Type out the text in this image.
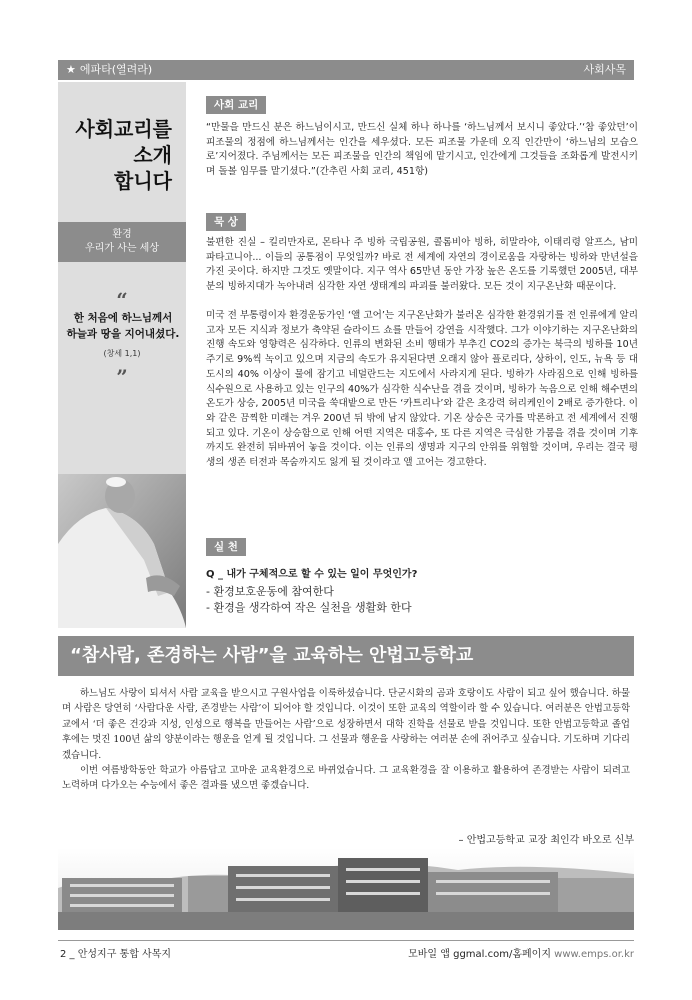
★ 에파타(열려라)	사회사목
사회교리를
소개
합니다
환경
우리가 사는 세상
“
한 처음에 하느님께서
하늘과 땅을 지어내셨다.
(창세 1,1)
”
사회 교리

“만물을 만드신 분은 하느님이시고, 만드신 실체 하나 하나를 ‘하느님께서 보시니 좋았다.’‘참 좋았던’이 피조물의 정점에 하느님께서는 인간을 세우셨다. 모든 피조물 가운데 오직 인간만이 ‘하느님의 모습으로’지어졌다. 주님께서는 모든 피조물을 인간의 책임에 맡기시고, 인간에게 그것들을 조화롭게 발전시키며 돌볼 임무를 맡기셨다.”(간추린 사회 교리, 451항)

묵 상

불편한 진실 – 킬리만자로, 몬타나 주 빙하 국립공원, 콜롬비아 빙하, 히말라야, 이태리령 알프스, 남미 파타고니아... 이들의 공통점이 무엇일까? 바로 전 세계에 자연의 경이로움을 자랑하는 빙하와 만년설을 가진 곳이다. 하지만 그것도 옛말이다. 지구 역사 65만년 동안 가장 높은 온도를 기록했던 2005년, 대부분의 빙하지대가 녹아내려 심각한 자연 생태계의 파괴를 불러왔다. 모든 것이 지구온난화 때문이다.

미국 전 부통령이자 환경운동가인 ‘앨 고어’는 지구온난화가 불러온 심각한 환경위기를 전 인류에게 알리고자 모든 지식과 정보가 축약된 슬라이드 쇼를 만들어 강연을 시작했다. 그가 이야기하는 지구온난화의 진행 속도와 영향력은 심각하다. 인류의 변화된 소비 행태가 부추긴 CO2의 증가는 북극의 빙하를 10년 주기로 9%씩 녹이고 있으며 지금의 속도가 유지된다면 오래지 않아 플로리다, 상하이, 인도, 뉴욕 등 대도시의 40% 이상이 물에 잠기고 네덜란드는 지도에서 사라지게 된다. 빙하가 사라짐으로 인해 빙하를 식수원으로 사용하고 있는 인구의 40%가 심각한 식수난을 겪을 것이며, 빙하가 녹음으로 인해 해수면의 온도가 상승, 2005년 미국을 쑥대밭으로 만든 ‘카트리나’와 같은 초강력 허리케인이 2배로 증가한다. 이와 같은 끔찍한 미래는 겨우 200년 뒤 밖에 남지 않았다. 기온 상승은 국가를 막론하고 전 세계에서 진행되고 있다. 기온이 상승함으로 인해 어떤 지역은 대홍수, 또 다른 지역은 극심한 가뭄을 겪을 것이며 기후까지도 완전히 뒤바뀌어 놓을 것이다. 이는 인류의 생명과 지구의 안위를 위협할 것이며, 우리는 결국 평생의 생존 터전과 목숨까지도 잃게 될 것이라고 앨 고어는 경고한다.

실 천
Q _ 내가 구체적으로 할 수 있는 일이 무엇인가?
- 환경보호운동에 참여한다
- 환경을 생각하여 작은 실천을 생활화 한다
“참사람, 존경하는 사람”을 교육하는 안법고등학교

하느님도 사랑이 되셔서 사람 교육을 받으시고 구원사업을 이룩하셨습니다. 단군시화의 곰과 호랑이도 사람이 되고 싶어 했습니다. 하물며 사람은 당연히 ‘사람다운 사람, 존경받는 사람’이 되어야 할 것입니다. 이것이 또한 교육의 역할이라 할 수 있습니다. 여러분은 안법고등학교에서 ‘더 좋은 건강과 지성, 인성으로 행복을 만들어는 사람’으로 성장하면서 대학 진학을 선물로 받을 것입니다. 또한 안법고등학교 졸업 후에는 멋진 100년 삶의 양분이라는 행운을 얻게 될 것입니다. 그 선물과 행운을 사랑하는 여러분 손에 쥐어주고 싶습니다. 기도하며 기다리겠습니다.

이번 여름방학동안 학교가 아름답고 고마운 교육환경으로 바뀌었습니다. 그 교육환경을 잘 이용하고 활용하여 존경받는 사람이 되려고 노력하며 다가오는 수능에서 좋은 결과를 냈으면 좋겠습니다.

– 안법고등학교 교장 최인각 바오로 신부
2 _ 안성지구 통합 사목지	모바일 앱 ggmal.com/홈페이지 www.emps.or.kr
